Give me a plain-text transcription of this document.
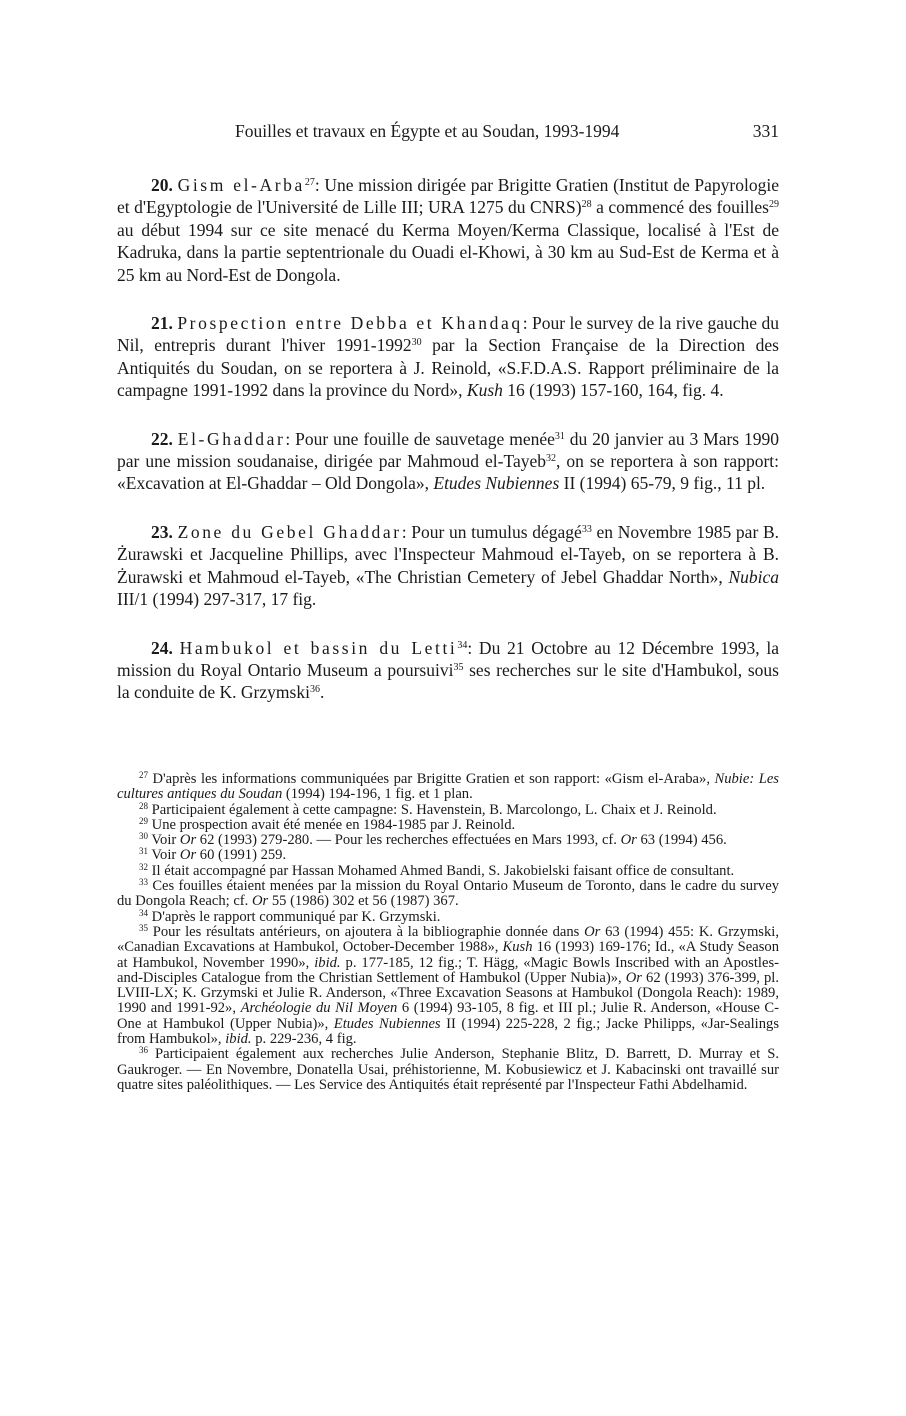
Fouilles et travaux en Égypte et au Soudan, 1993-1994	331

20. Gism el-Arba$^{27}$: Une mission dirigée par Brigitte Gratien (Institut de Papyrologie et d'Egyptologie de l'Université de Lille III; URA 1275 du CNRS)$^{28}$ a commencé des fouilles$^{29}$ au début 1994 sur ce site menacé du Kerma Moyen/Kerma Classique, localisé à l'Est de Kadruka, dans la partie septentrionale du Ouadi el-Khowi, à 30 km au Sud-Est de Kerma et à 25 km au Nord-Est de Dongola.

21. Prospection entre Debba et Khandaq: Pour le survey de la rive gauche du Nil, entrepris durant l'hiver 1991-1992$^{30}$ par la Section Française de la Direction des Antiquités du Soudan, on se reportera à J. Reinold, «S.F.D.A.S. Rapport préliminaire de la campagne 1991-1992 dans la province du Nord», Kush 16 (1993) 157-160, 164, fig. 4.

22. El-Ghaddar: Pour une fouille de sauvetage menée$^{31}$ du 20 janvier au 3 Mars 1990 par une mission soudanaise, dirigée par Mahmoud el-Tayeb$^{32}$, on se reportera à son rapport: «Excavation at El-Ghaddar – Old Dongola», Etudes Nubiennes II (1994) 65-79, 9 fig., 11 pl.

23. Zone du Gebel Ghaddar: Pour un tumulus dégagé$^{33}$ en Novembre 1985 par B. Żurawski et Jacqueline Phillips, avec l'Inspecteur Mahmoud el-Tayeb, on se reportera à B. Żurawski et Mahmoud el-Tayeb, «The Christian Cemetery of Jebel Ghaddar North», Nubica III/1 (1994) 297-317, 17 fig.

24. Hambukol et bassin du Letti$^{34}$: Du 21 Octobre au 12 Décembre 1993, la mission du Royal Ontario Museum a poursuivi$^{35}$ ses recherches sur le site d'Hambukol, sous la conduite de K. Grzymski$^{36}$.

$^{27}$ D'après les informations communiquées par Brigitte Gratien et son rapport: «Gism el-Araba», Nubie: Les cultures antiques du Soudan (1994) 194-196, 1 fig. et 1 plan.

$^{28}$ Participaient également à cette campagne: S. Havenstein, B. Marcolongo, L. Chaix et J. Reinold.

$^{29}$ Une prospection avait été menée en 1984-1985 par J. Reinold.

$^{30}$ Voir Or 62 (1993) 279-280. — Pour les recherches effectuées en Mars 1993, cf. Or 63 (1994) 456.

$^{31}$ Voir Or 60 (1991) 259.

$^{32}$ Il était accompagné par Hassan Mohamed Ahmed Bandi, S. Jakobielski faisant office de consultant.

$^{33}$ Ces fouilles étaient menées par la mission du Royal Ontario Museum de Toronto, dans le cadre du survey du Dongola Reach; cf. Or 55 (1986) 302 et 56 (1987) 367.

$^{34}$ D'après le rapport communiqué par K. Grzymski.

$^{35}$ Pour les résultats antérieurs, on ajoutera à la bibliographie donnée dans Or 63 (1994) 455: K. Grzymski, «Canadian Excavations at Hambukol, October-December 1988», Kush 16 (1993) 169-176; Id., «A Study Season at Hambukol, November 1990», ibid. p. 177-185, 12 fig.; T. Hägg, «Magic Bowls Inscribed with an Apostles-and-Disciples Catalogue from the Christian Settlement of Hambukol (Upper Nubia)», Or 62 (1993) 376-399, pl. LVIII-LX; K. Grzymski et Julie R. Anderson, «Three Excavation Seasons at Hambukol (Dongola Reach): 1989, 1990 and 1991-92», Archéologie du Nil Moyen 6 (1994) 93-105, 8 fig. et III pl.; Julie R. Anderson, «House C-One at Hambukol (Upper Nubia)», Etudes Nubiennes II (1994) 225-228, 2 fig.; Jacke Philipps, «Jar-Sealings from Hambukol», ibid. p. 229-236, 4 fig.

$^{36}$ Participaient également aux recherches Julie Anderson, Stephanie Blitz, D. Barrett, D. Murray et S. Gaukroger. — En Novembre, Donatella Usai, préhistorienne, M. Kobusiewicz et J. Kabacinski ont travaillé sur quatre sites paléolithiques. — Les Service des Antiquités était représenté par l'Inspecteur Fathi Abdelhamid.
